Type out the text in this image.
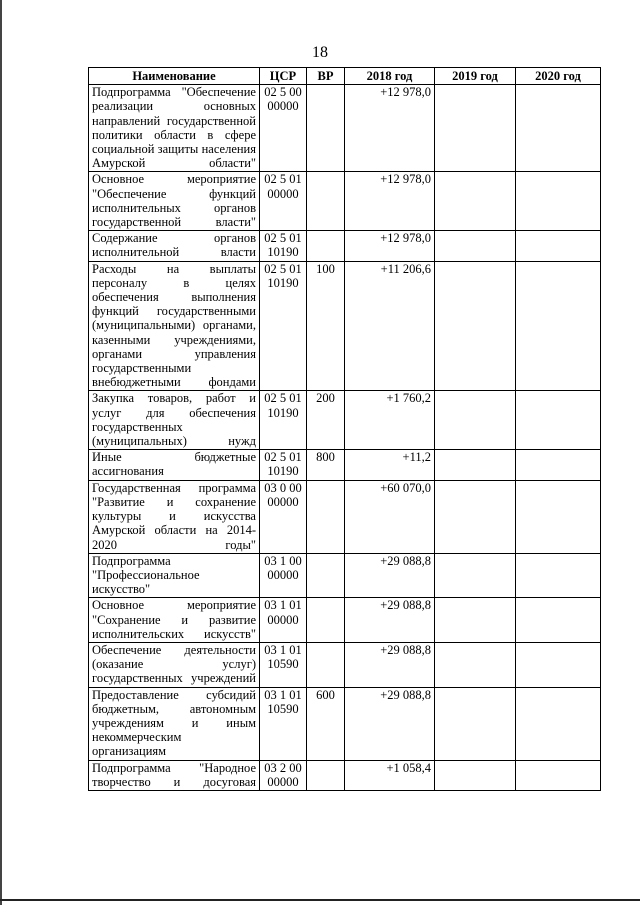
18
Наименование	ЦСР	ВР	2018 год	2019 год	2020 год
Подпрограмма "Обеспечение реализации основных направлений государственной политики области в сфере социальной защиты населения Амурской области"	02 5 00 00000		+12 978,0		
Основное мероприятие "Обеспечение функций исполнительных органов государственной власти"	02 5 01 00000		+12 978,0		
Содержание органов исполнительной власти	02 5 01 10190		+12 978,0		
Расходы на выплаты персоналу в целях обеспечения выполнения функций государственными (муниципальными) органами, казенными учреждениями, органами управления государственными внебюджетными фондами	02 5 01 10190	100	+11 206,6		
Закупка товаров, работ и услуг для обеспечения государственных (муниципальных) нужд	02 5 01 10190	200	+1 760,2		
Иные бюджетные ассигнования	02 5 01 10190	800	+11,2		
Государственная программа "Развитие и сохранение культуры и искусства Амурской области на 2014-2020 годы"	03 0 00 00000		+60 070,0		
Подпрограмма "Профессиональное искусство"	03 1 00 00000		+29 088,8		
Основное мероприятие "Сохранение и развитие исполнительских искусств"	03 1 01 00000		+29 088,8		
Обеспечение деятельности (оказание услуг) государственных учреждений	03 1 01 10590		+29 088,8		
Предоставление субсидий бюджетным, автономным учреждениям и иным некоммерческим организациям	03 1 01 10590	600	+29 088,8		
Подпрограмма "Народное творчество и досуговая	03 2 00 00000		+1 058,4		
